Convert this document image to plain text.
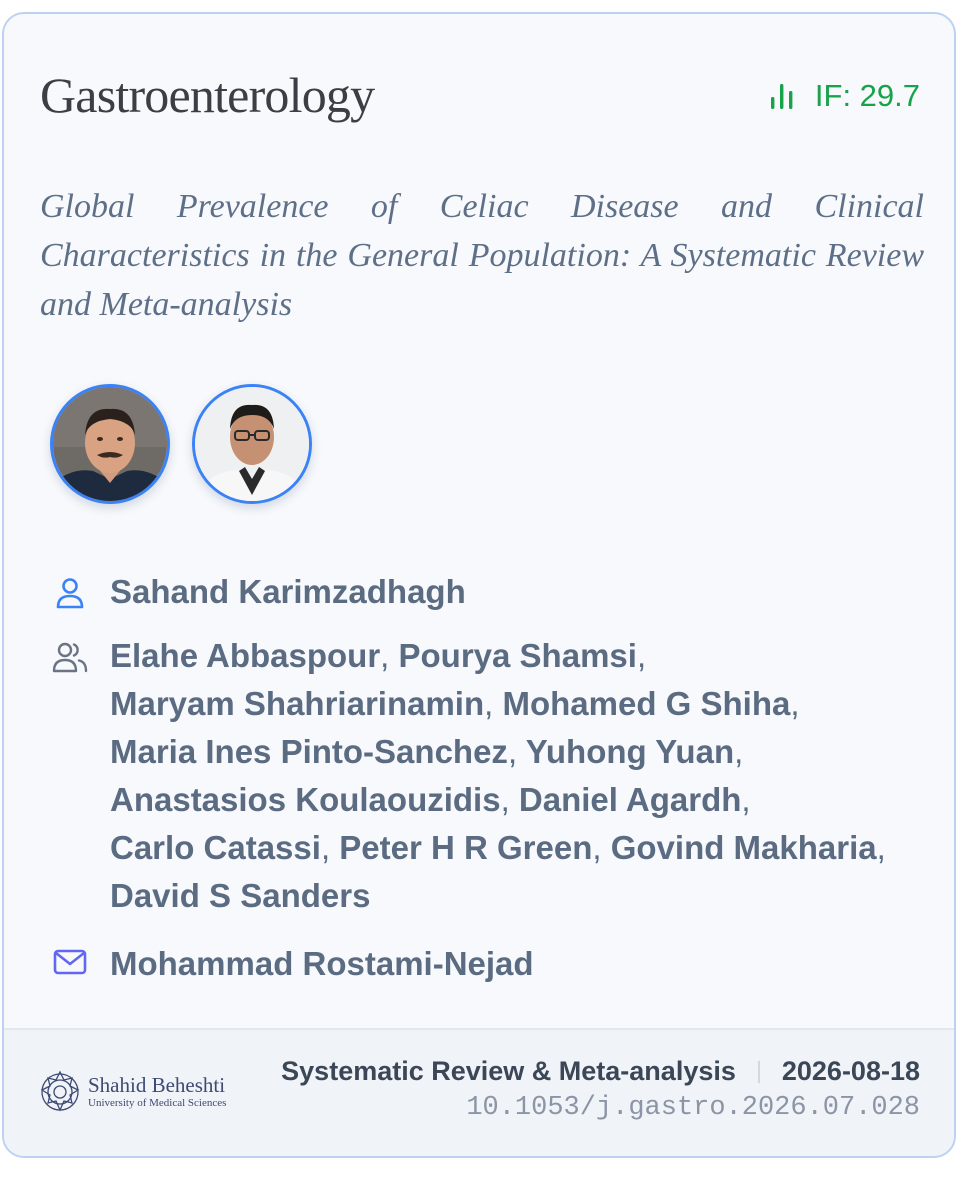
Gastroenterology	IF: 29.7

Global Prevalence of Celiac Disease and Clinical Characteristics in the General Population: A Systematic Review and Meta-analysis

Sahand Karimzadhagh
Elahe Abbaspour, Pourya Shamsi,
Maryam Shahriarinamin, Mohamed G Shiha,
Maria Ines Pinto-Sanchez, Yuhong Yuan,
Anastasios Koulaouzidis, Daniel Agardh,
Carlo Catassi, Peter H R Green, Govind Makharia,
David S Sanders
Mohammad Rostami-Nejad
Shahid Beheshti
University of Medical Sciences
Systematic Review & Meta-analysis 2026-08-18
10.1053/j.gastro.2026.07.028
